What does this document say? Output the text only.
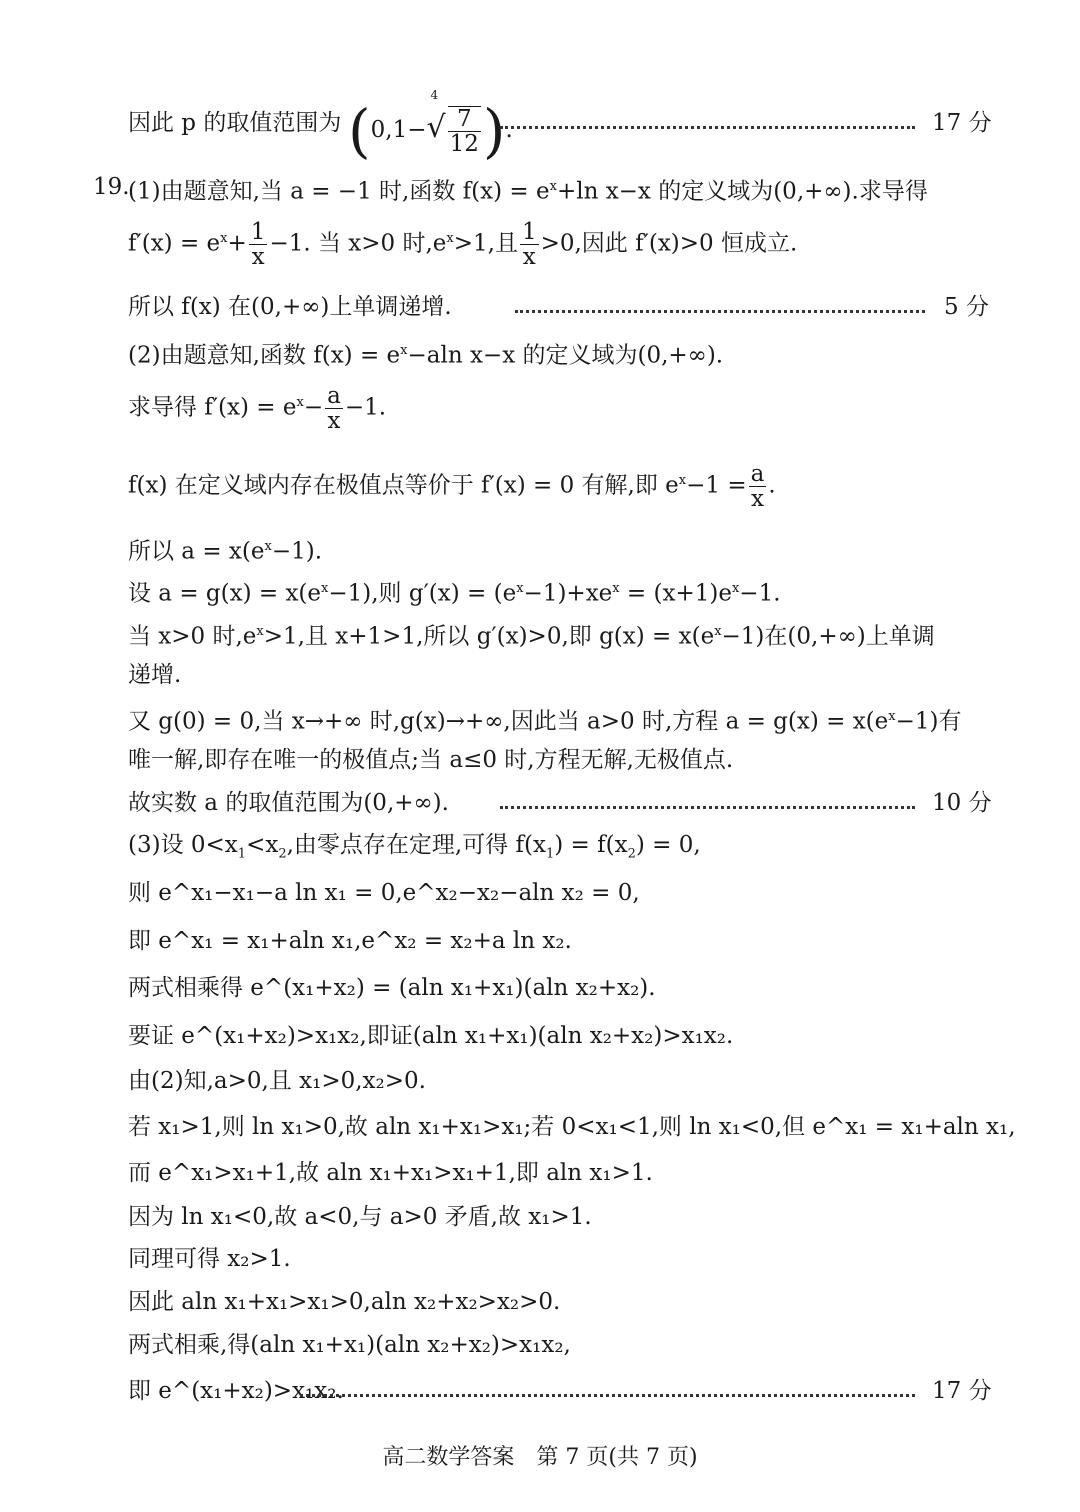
因此 p 的取值范围为 (0,1−
4
√ $\frac{7}{12}$ ).	17 分
19.
(1)由题意知,当 a = −1 时,函数 $f(x) = e^x+\ln$ x−x 的定义域为(0,+∞).求导得
$f'(x) = e^x+ \frac{1}{x} -1$. 当 x>0 时$,e^x>1$,且 $\frac{1}{x} >0$,因此 f′(x)>0 恒成立.
所以 f(x) 在(0,+∞)上单调递增.	5 分
(2)由题意知,函数 $f(x) = e^x-aln$ x−x 的定义域为(0,+∞).
求导得 $f'(x) = e^x- \frac{a}{x} -1$.
f(x) 在定义域内存在极值点等价于 f′(x) = 0 有解,即 $e^x-1 = \frac{a}{x}$ .
所以 $a = x(e^x-1)$.
设 $a = g(x) = x(e^x-1)$,则 $g'(x) = (e^x-1)+xe^x = (x+1)e^x-1$.
当 x>0 时$,e^x>1$,且 x+1>1,所以 g′(x)>0,即 $g(x) = x(e^x-1)$在(0,+∞)上单调
递增.
又 g(0) = 0,当 x→+∞ 时,g(x)→+∞,因此当 a>0 时,方程 $a = g(x) = x(e^x-1)$有
唯一解,即存在唯一的极值点;当 a≤0 时,方程无解,无极值点.
故实数 a 的取值范围为(0,+∞).	10 分
(3)设 $0<x_1<x_2$,由零点存在定理,可得 $f(x_1) = f(x_2) = 0$,
则 e^x₁−x₁−a ln x₁ = 0,e^x₂−x₂−aln x₂ = 0,
即 e^x₁ = x₁+aln x₁,e^x₂ = x₂+a ln x₂.
两式相乘得 e^(x₁+x₂) = (aln x₁+x₁)(aln x₂+x₂).
要证 e^(x₁+x₂)>x₁x₂,即证(aln x₁+x₁)(aln x₂+x₂)>x₁x₂.
由(2)知,a>0,且 x₁>0,x₂>0.
若 x₁>1,则 ln x₁>0,故 aln x₁+x₁>x₁;若 0<x₁<1,则 ln x₁<0,但 e^x₁ = x₁+aln x₁,
而 e^x₁>x₁+1,故 aln x₁+x₁>x₁+1,即 aln x₁>1.
因为 ln x₁<0,故 a<0,与 a>0 矛盾,故 x₁>1.
同理可得 x₂>1.
因此 aln x₁+x₁>x₁>0,aln x₂+x₂>x₂>0.
两式相乘,得(aln x₁+x₁)(aln x₂+x₂)>x₁x₂,
即 e^(x₁+x₂)>x₁x₂.	17 分
高二数学答案　第 7 页(共 7 页)
